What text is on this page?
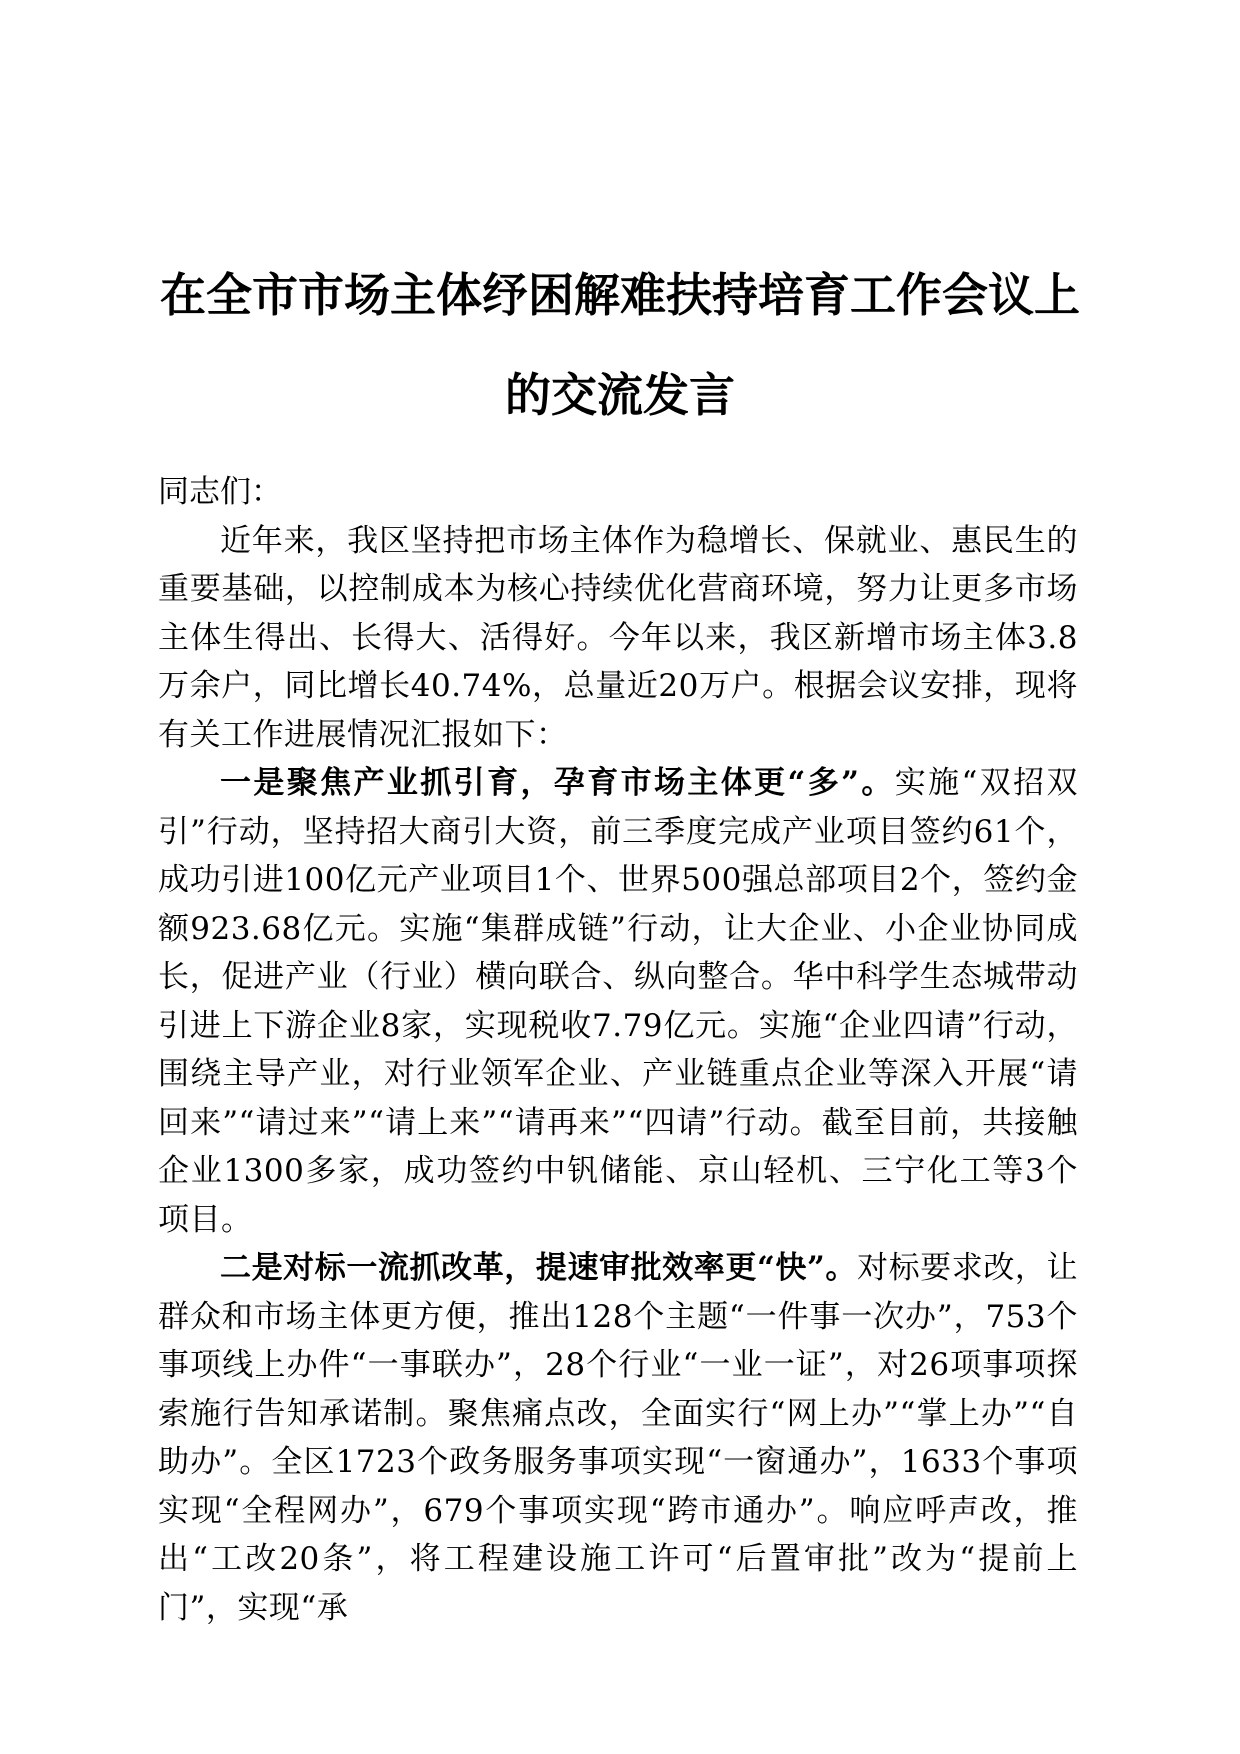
在全市市场主体纾困解难扶持培育工作会议上
的交流发言

同志们：

近年来，我区坚持把市场主体作为稳增长、保就业、惠民生的重要基础，以控制成本为核心持续优化营商环境，努力让更多市场主体生得出、长得大、活得好。今年以来，我区新增市场主体3.8万余户，同比增长40.74%，总量近20万户。根据会议安排，现将有关工作进展情况汇报如下：

一是聚焦产业抓引育，孕育市场主体更“多”。实施“双招双引”行动，坚持招大商引大资，前三季度完成产业项目签约61个，成功引进100亿元产业项目1个、世界500强总部项目2个，签约金额923.68亿元。实施“集群成链”行动，让大企业、小企业协同成长，促进产业（行业）横向联合、纵向整合。华中科学生态城带动引进上下游企业8家，实现税收7.79亿元。实施“企业四请”行动，围绕主导产业，对行业领军企业、产业链重点企业等深入开展“请回来”“请过来”“请上来”“请再来”“四请”行动。截至目前，共接触企业1300多家，成功签约中钒储能、京山轻机、三宁化工等3个项目。

二是对标一流抓改革，提速审批效率更“快”。对标要求改，让群众和市场主体更方便，推出128个主题“一件事一次办”，753个事项线上办件“一事联办”，28个行业“一业一证”，对26项事项探索施行告知承诺制。聚焦痛点改，全面实行“网上办”“掌上办”“自助办”。全区1723个政务服务事项实现“一窗通办”，1633个事项实现“全程网办”，679个事项实现“跨市通办”。响应呼声改，推出“工改20条”，将工程建设施工许可“后置审批”改为“提前上门”，实现“承
